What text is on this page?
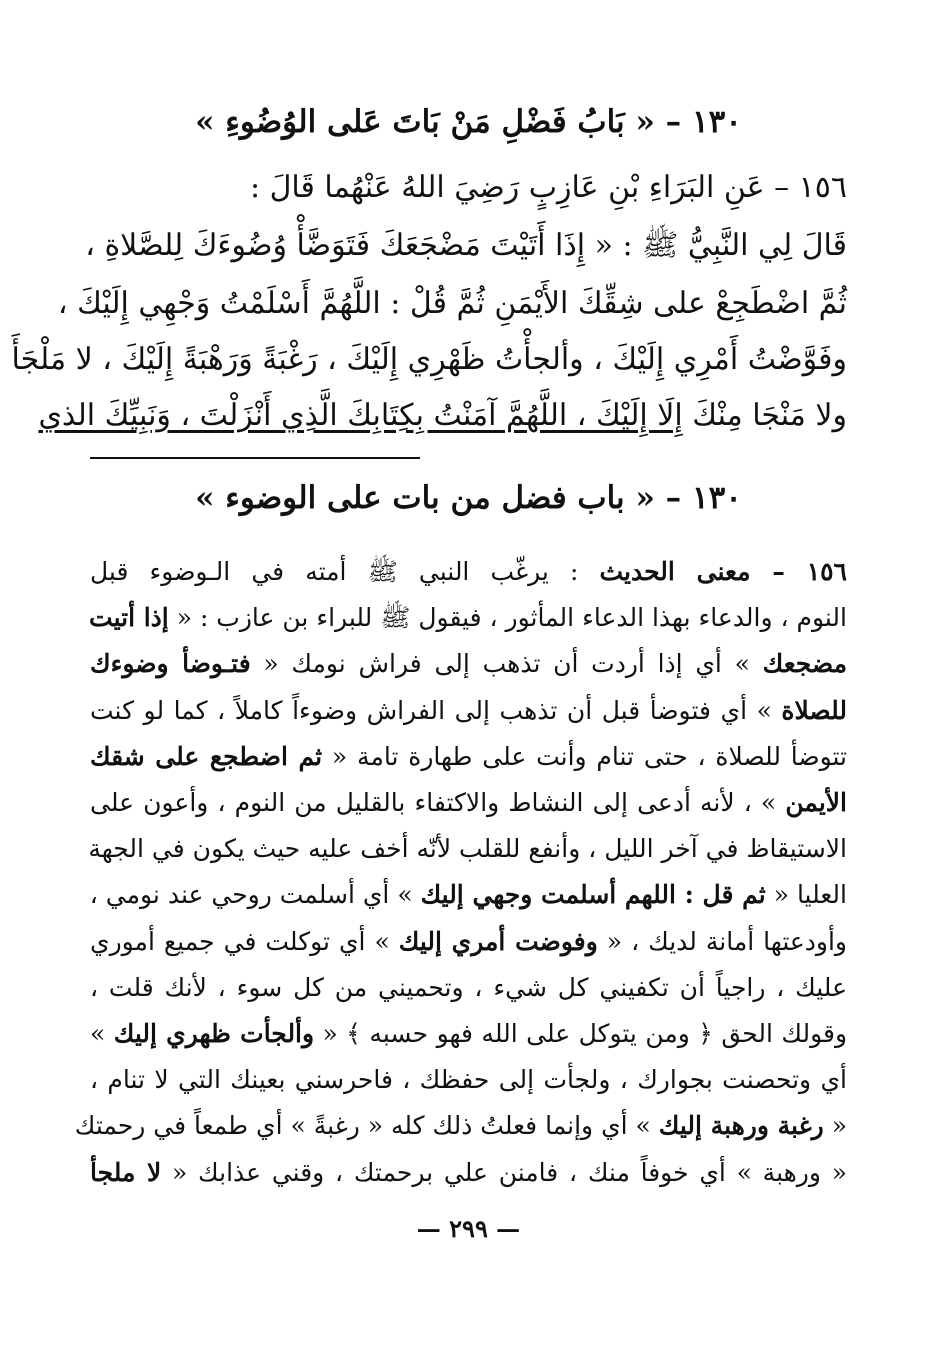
١٣٠ – « بَابُ فَضْلِ مَنْ بَاتَ عَلى الوُضُوءِ »
١٥٦ – عَنِ البَرَاءِ بْنِ عَازِبٍ رَضِيَ اللهُ عَنْهُما قَالَ :
قَالَ لِي النَّبِيُّ ﷺ : « إِذَا أَتَيْتَ مَضْجَعَكَ فَتَوَضَّأْ وُضُوءَكَ لِلصَّلاةِ ،
ثُمَّ اضْطَجِعْ على شِقِّكَ الأَيْمَنِ ثُمَّ قُلْ : اللَّهُمَّ أَسْلَمْتُ وَجْهِي إِلَيْكَ ،
وفَوَّضْتُ أَمْرِي إِلَيْكَ ، وألجأْتُ ظَهْرِي إِلَيْكَ ، رَغْبَةً وَرَهْبَةً إِلَيْكَ ، لا مَلْجَأَ
ولا مَنْجَا مِنْكَ إِلَا إِلَيْكَ ، اللَّهُمَّ آمَنْتُ بِكِتَابِكَ الَّذِي أَنْزَلْتَ ، وَنَبِيِّكَ الذي
١٣٠ – « باب فضل من بات على الوضوء »
١٥٦ – معنى الحديث : يرغّب النبي ﷺ أمته في الـوضوء قبل
النوم ، والدعاء بهذا الدعاء المأثور ، فيقول ﷺ للبراء بن عازب : « إذا أتيت
مضجعك » أي إذا أردت أن تذهب إلى فراش نومك « فتـوضأ وضوءك
للصلاة » أي فتوضأ قبل أن تذهب إلى الفراش وضوءاً كاملاً ، كما لو كنت
تتوضأ للصلاة ، حتى تنام وأنت على طهارة تامة « ثم اضطجع على شقك
الأيمن » ، لأنه أدعى إلى النشاط والاكتفاء بالقليل من النوم ، وأعون على
الاستيقاظ في آخر الليل ، وأنفع للقلب لأنّه أخف عليه حيث يكون في الجهة
العليا « ثم قل : اللهم أسلمت وجهي إليك » أي أسلمت روحي عند نومي ،
وأودعتها أمانة لديك ، « وفوضت أمري إليك » أي توكلت في جميع أموري
عليك ، راجياً أن تكفيني كل شيء ، وتحميني من كل سوء ، لأنك قلت ،
وقولك الحق ﴿ ومن يتوكل على الله فهو حسبه ﴾ « وألجأت ظهري إليك »
أي وتحصنت بجوارك ، ولجأت إلى حفظك ، فاحرسني بعينك التي لا تنام ،
« رغبة ورهبة إليك » أي وإنما فعلتُ ذلك كله « رغبةً » أي طمعاً في رحمتك
« ورهبة » أي خوفاً منك ، فامنن علي برحمتك ، وقني عذابك « لا ملجأ
— ٢٩٩ —
